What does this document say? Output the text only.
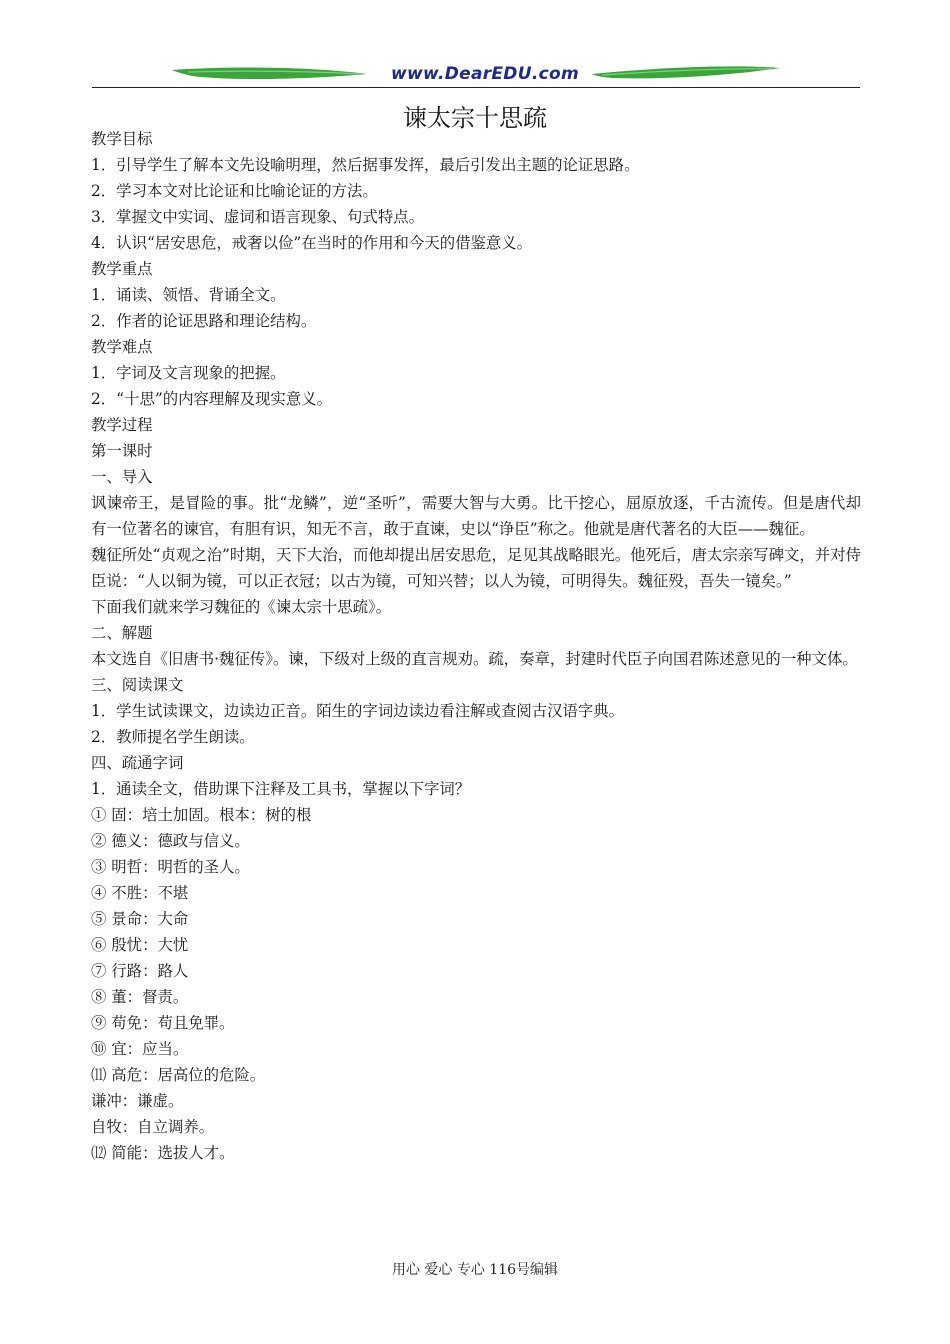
www.DearEDU.com
谏太宗十思疏
教学目标
1．引导学生了解本文先设喻明理，然后据事发挥，最后引发出主题的论证思路。
2．学习本文对比论证和比喻论证的方法。
3．掌握文中实词、虚词和语言现象、句式特点。
4．认识“居安思危，戒奢以俭”在当时的作用和今天的借鉴意义。
教学重点
1．诵读、领悟、背诵全文。
2．作者的论证思路和理论结构。
教学难点
1．字词及文言现象的把握。
2．“十思”的内容理解及现实意义。
教学过程
第一课时
一、导入
讽谏帝王，是冒险的事。批“龙鳞”，逆“圣听”，需要大智与大勇。比干挖心，屈原放逐，千古流传。但是唐代却有一位著名的谏官，有胆有识，知无不言，敢于直谏，史以“诤臣”称之。他就是唐代著名的大臣——魏征。
魏征所处“贞观之治”时期，天下大治，而他却提出居安思危，足见其战略眼光。他死后，唐太宗亲写碑文，并对侍臣说：“人以铜为镜，可以正衣冠；以古为镜，可知兴替；以人为镜，可明得失。魏征殁，吾失一镜矣。”
下面我们就来学习魏征的《谏太宗十思疏》。
二、解题
本文选自《旧唐书·魏征传》。谏，下级对上级的直言规劝。疏，奏章，封建时代臣子向国君陈述意见的一种文体。
三、阅读课文
1．学生试读课文，边读边正音。陌生的字词边读边看注解或查阅古汉语字典。
2．教师提名学生朗读。
四、疏通字词
1．通读全文，借助课下注释及工具书，掌握以下字词？
① 固：培土加固。根本：树的根
② 德义：德政与信义。
③ 明哲：明哲的圣人。
④ 不胜：不堪
⑤ 景命：大命
⑥ 殷忧：大忧
⑦ 行路：路人
⑧ 董：督责。
⑨ 苟免：苟且免罪。
⑩ 宜：应当。
⑾ 高危：居高位的危险。
谦冲：谦虚。
自牧：自立调养。
⑿ 简能：选拔人才。
用心 爱心 专心 116号编辑
